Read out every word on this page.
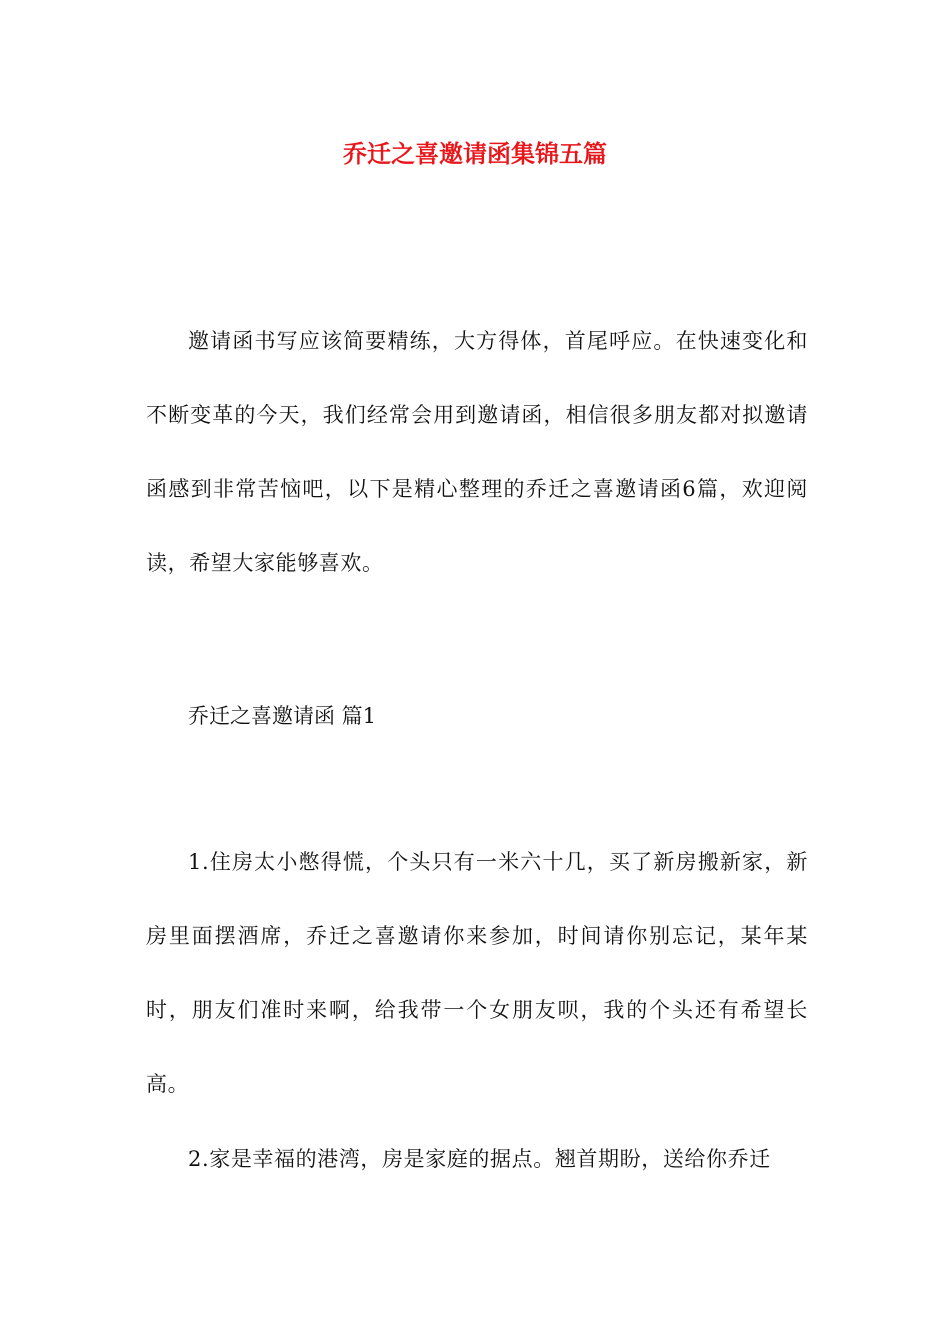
乔迁之喜邀请函集锦五篇

邀请函书写应该简要精练，大方得体，首尾呼应。在快速变化和不断变革的今天，我们经常会用到邀请函，相信很多朋友都对拟邀请函感到非常苦恼吧，以下是精心整理的乔迁之喜邀请函6篇，欢迎阅读，希望大家能够喜欢。

乔迁之喜邀请函 篇1

1.住房太小憋得慌，个头只有一米六十几，买了新房搬新家，新房里面摆酒席，乔迁之喜邀请你来参加，时间请你别忘记，某年某时，朋友们准时来啊，给我带一个女朋友呗，我的个头还有希望长高。

2.家是幸福的港湾，房是家庭的据点。翘首期盼，送给你乔迁
